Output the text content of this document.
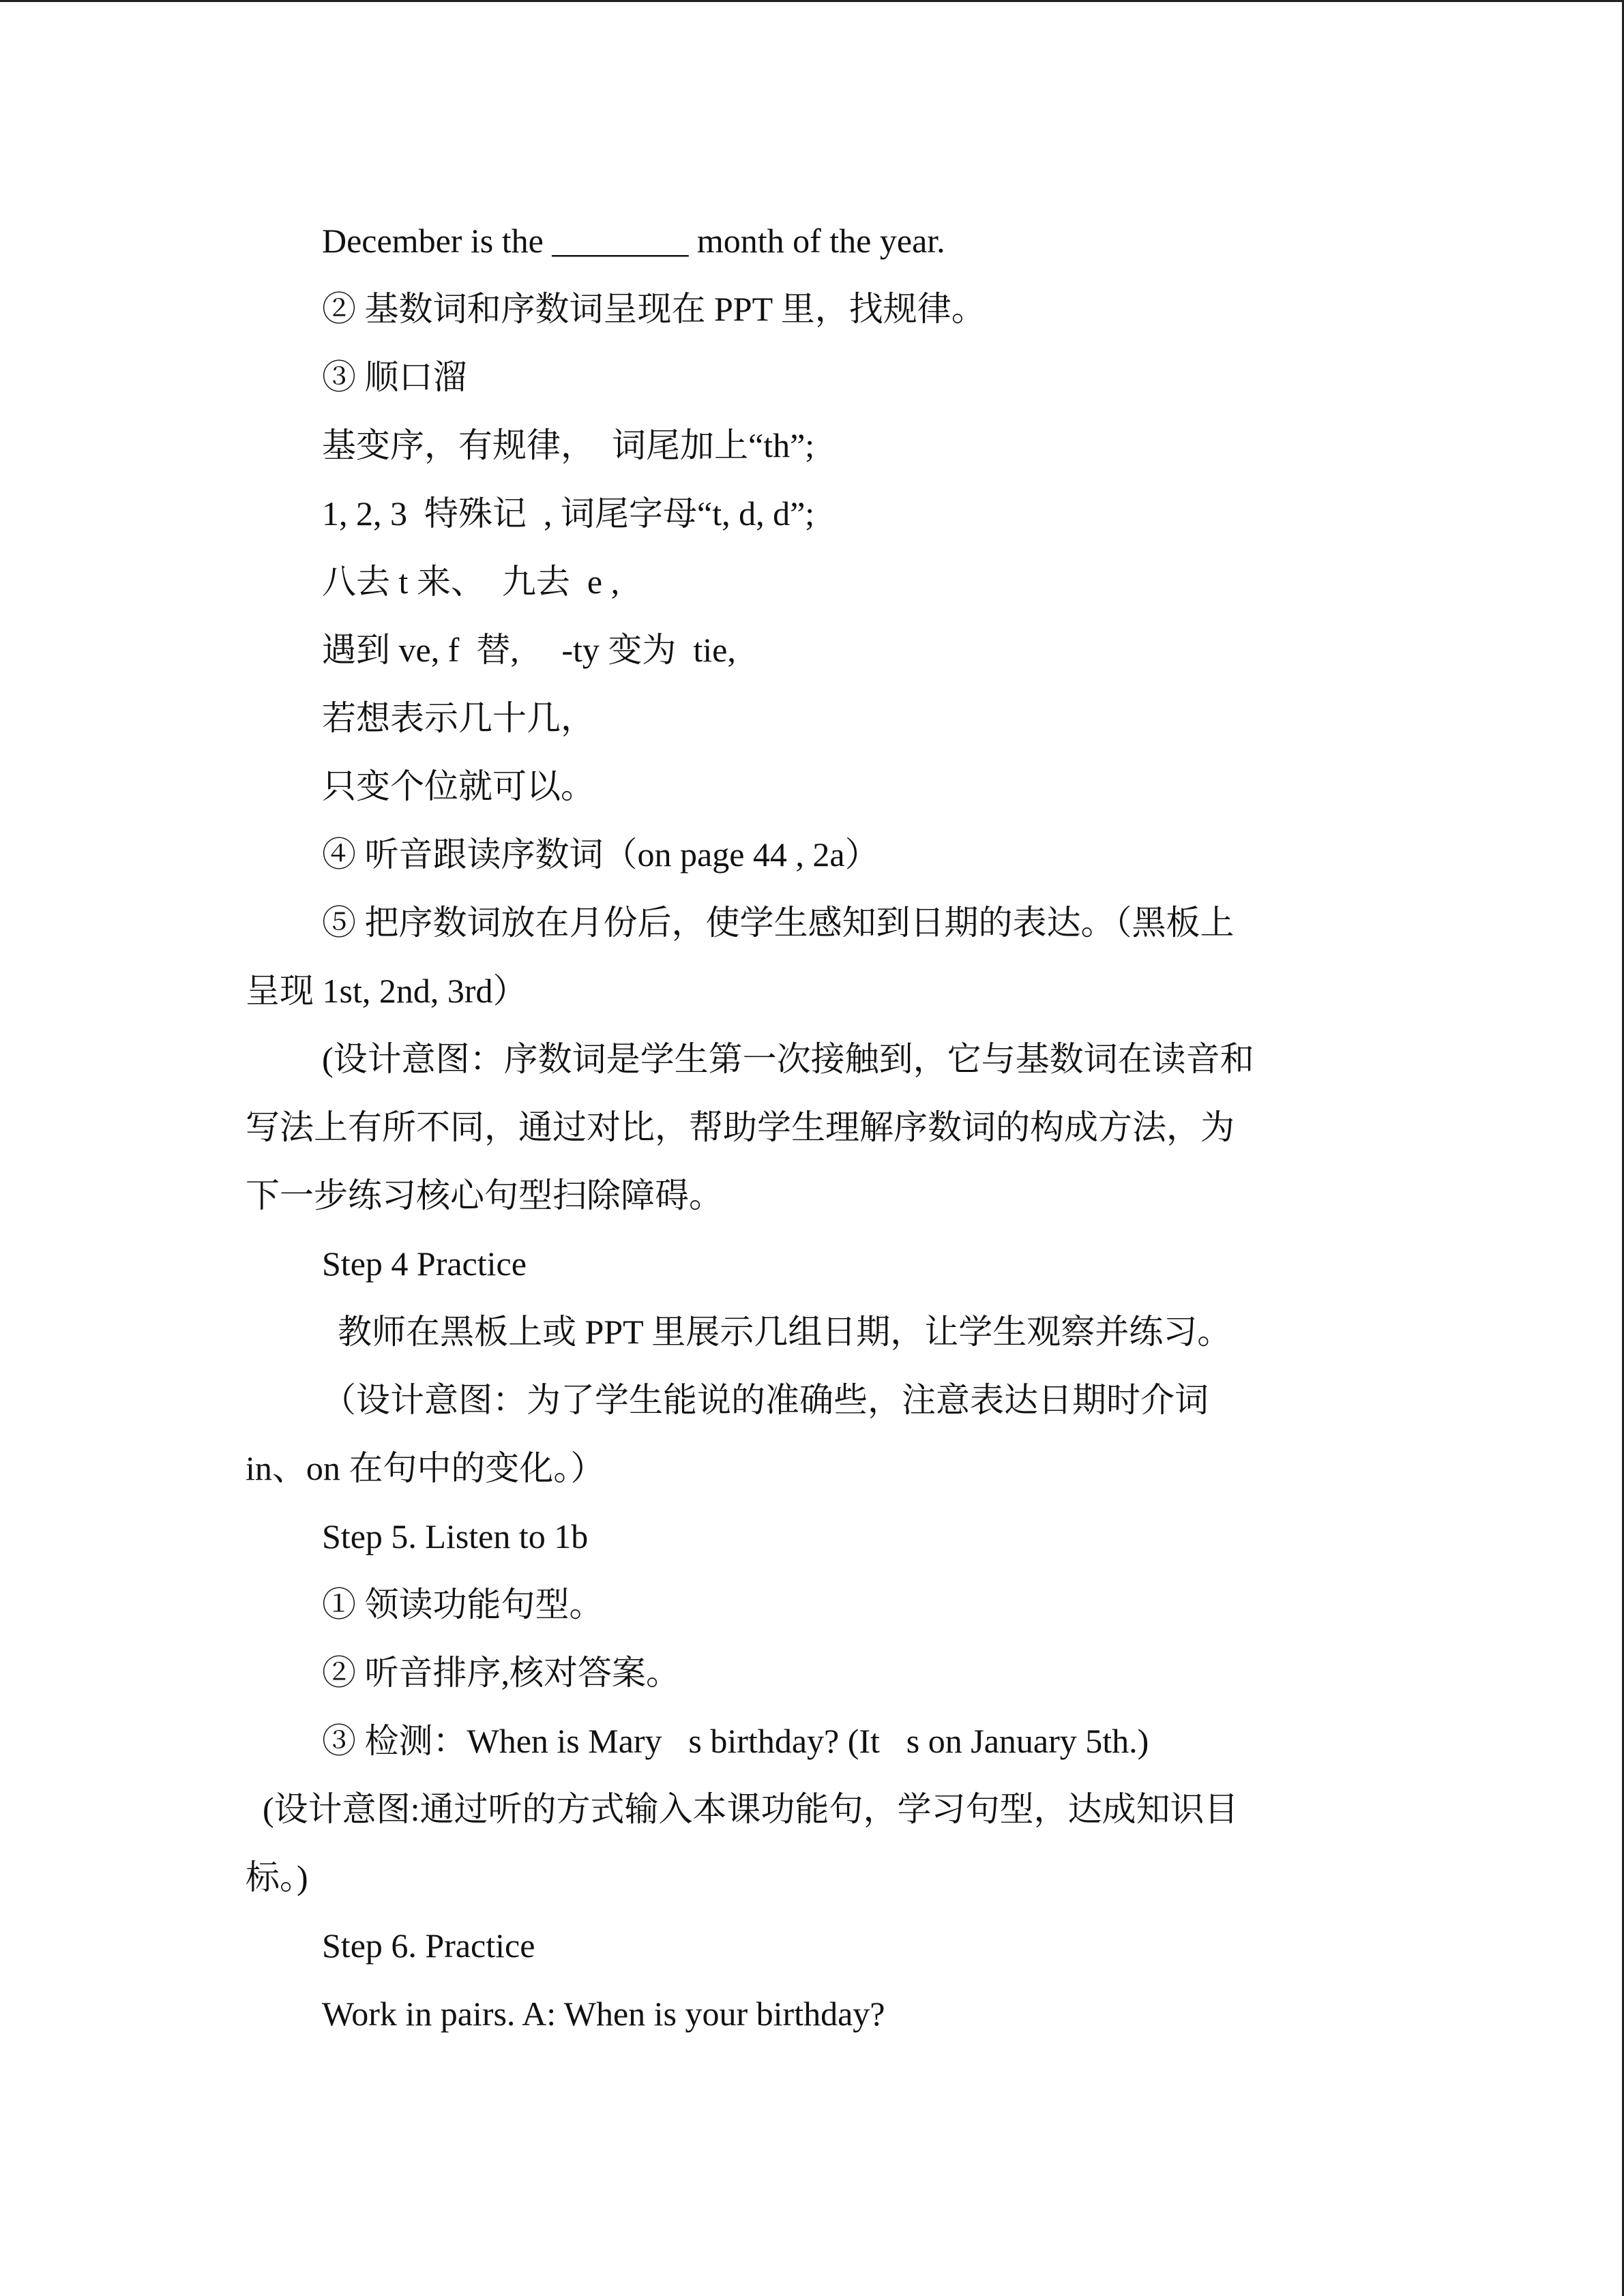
December is the ________ month of the year.
② 基数词和序数词呈现在 PPT 里，找规律。
③ 顺口溜
基变序，有规律，  词尾加上“th”;
1, 2, 3  特殊记  , 词尾字母“t, d, d”;
八去 t 来、  九去  e ,
遇到 ve, f  替,     -ty 变为  tie,
若想表示几十几，
只变个位就可以。
④ 听音跟读序数词（on page 44 , 2a）
⑤ 把序数词放在月份后，使学生感知到日期的表达。（黑板上
呈现 1st, 2nd, 3rd）
(设计意图：序数词是学生第一次接触到，它与基数词在读音和
写法上有所不同，通过对比，帮助学生理解序数词的构成方法，为
下一步练习核心句型扫除障碍。
Step 4 Practice
教师在黑板上或 PPT 里展示几组日期，让学生观察并练习。
（设计意图：为了学生能说的准确些，注意表达日期时介词
in、on 在句中的变化。）
Step 5. Listen to 1b
① 领读功能句型。
② 听音排序,核对答案。
③ 检测：When is Mary s birthday? (It s on January 5th.)
(设计意图:通过听的方式输入本课功能句，学习句型，达成知识目
标。)
Step 6. Practice
Work in pairs. A: When is your birthday?
